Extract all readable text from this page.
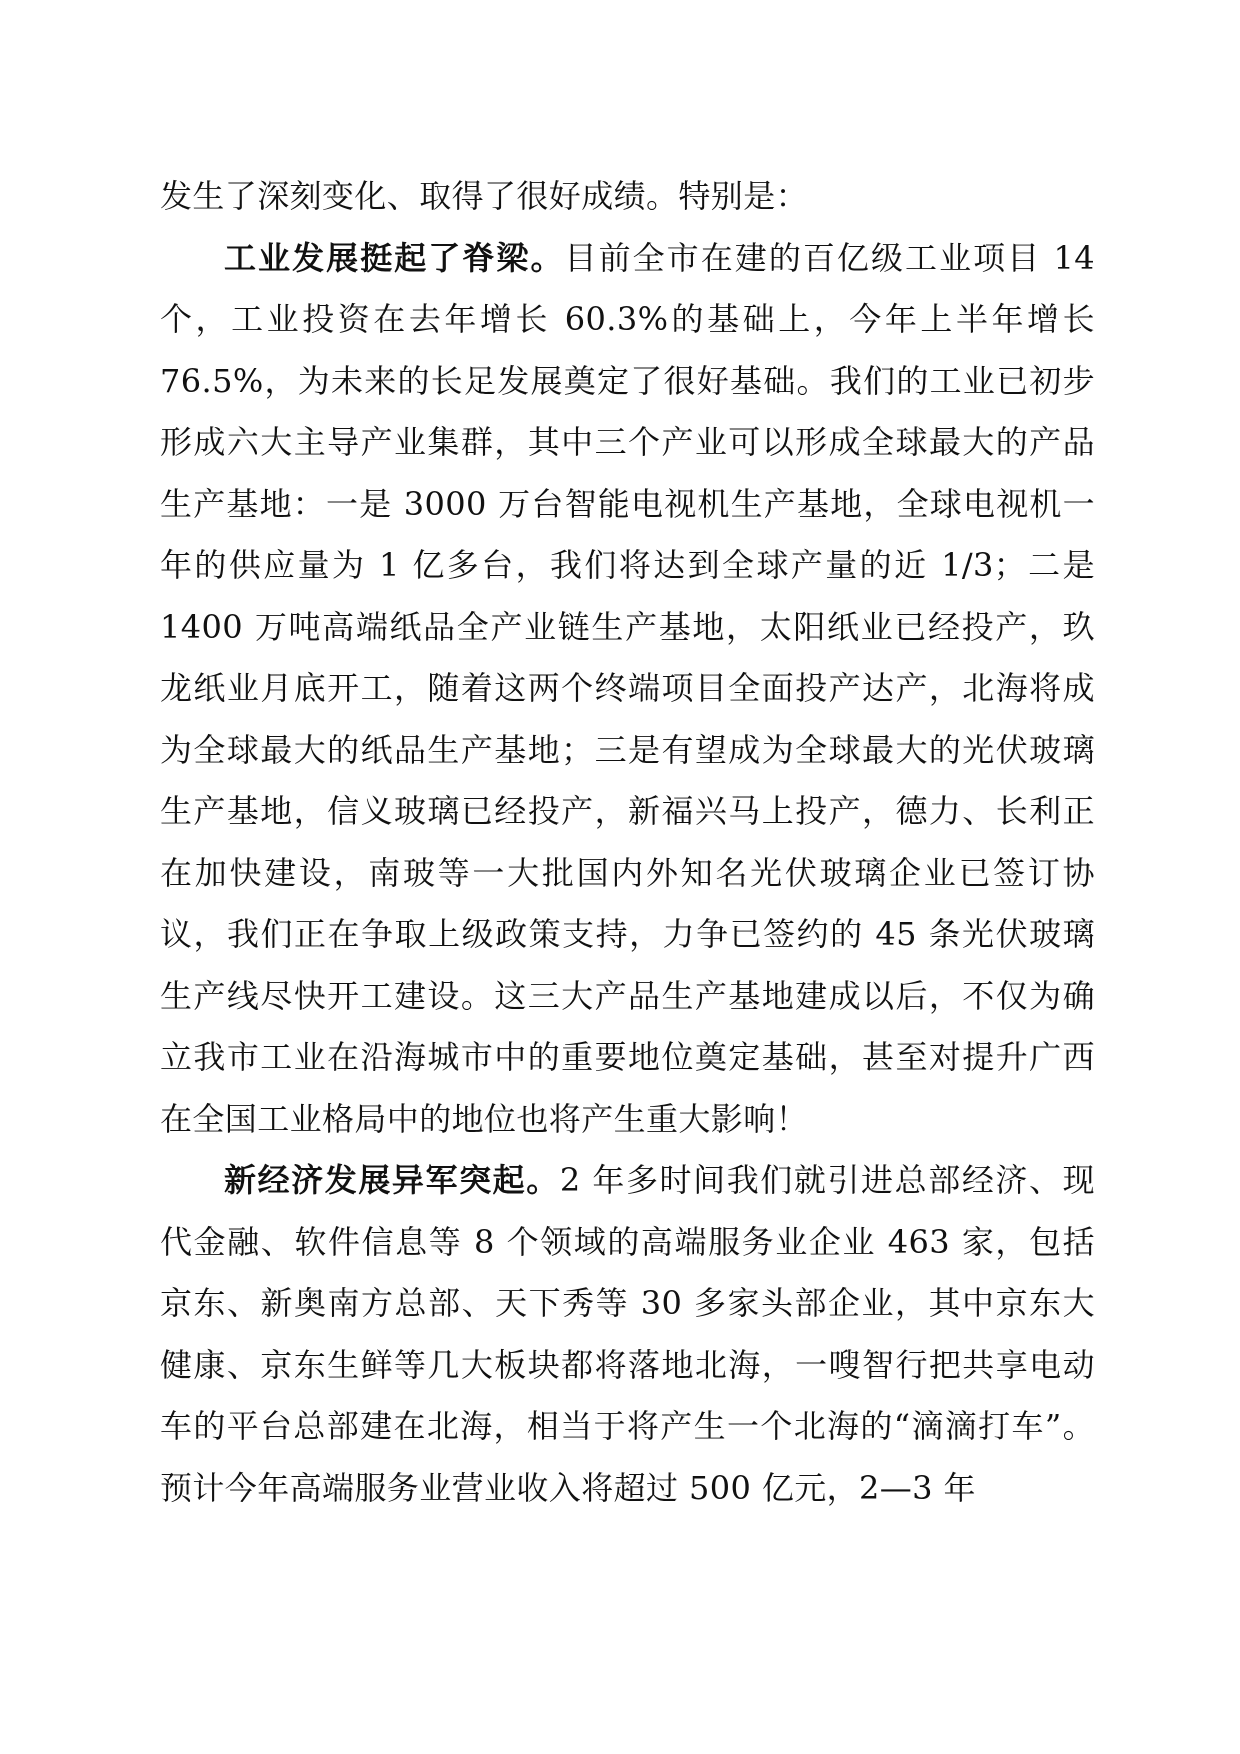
发生了深刻变化、取得了很好成绩。特别是：

工业发展挺起了脊梁。目前全市在建的百亿级工业项目 14 个，工业投资在去年增长 60.3%的基础上，今年上半年增长 76.5%，为未来的长足发展奠定了很好基础。我们的工业已初步形成六大主导产业集群，其中三个产业可以形成全球最大的产品生产基地：一是 3000 万台智能电视机生产基地，全球电视机一年的供应量为 1 亿多台，我们将达到全球产量的近 1/3；二是 1400 万吨高端纸品全产业链生产基地，太阳纸业已经投产，玖龙纸业月底开工，随着这两个终端项目全面投产达产，北海将成为全球最大的纸品生产基地；三是有望成为全球最大的光伏玻璃生产基地，信义玻璃已经投产，新福兴马上投产，德力、长利正在加快建设，南玻等一大批国内外知名光伏玻璃企业已签订协议，我们正在争取上级政策支持，力争已签约的 45 条光伏玻璃生产线尽快开工建设。这三大产品生产基地建成以后，不仅为确立我市工业在沿海城市中的重要地位奠定基础，甚至对提升广西在全国工业格局中的地位也将产生重大影响！

新经济发展异军突起。2 年多时间我们就引进总部经济、现代金融、软件信息等 8 个领域的高端服务业企业 463 家，包括京东、新奥南方总部、天下秀等 30 多家头部企业，其中京东大健康、京东生鲜等几大板块都将落地北海，一嗖智行把共享电动车的平台总部建在北海，相当于将产生一个北海的“滴滴打车”。预计今年高端服务业营业收入将超过 500 亿元，2—3 年
